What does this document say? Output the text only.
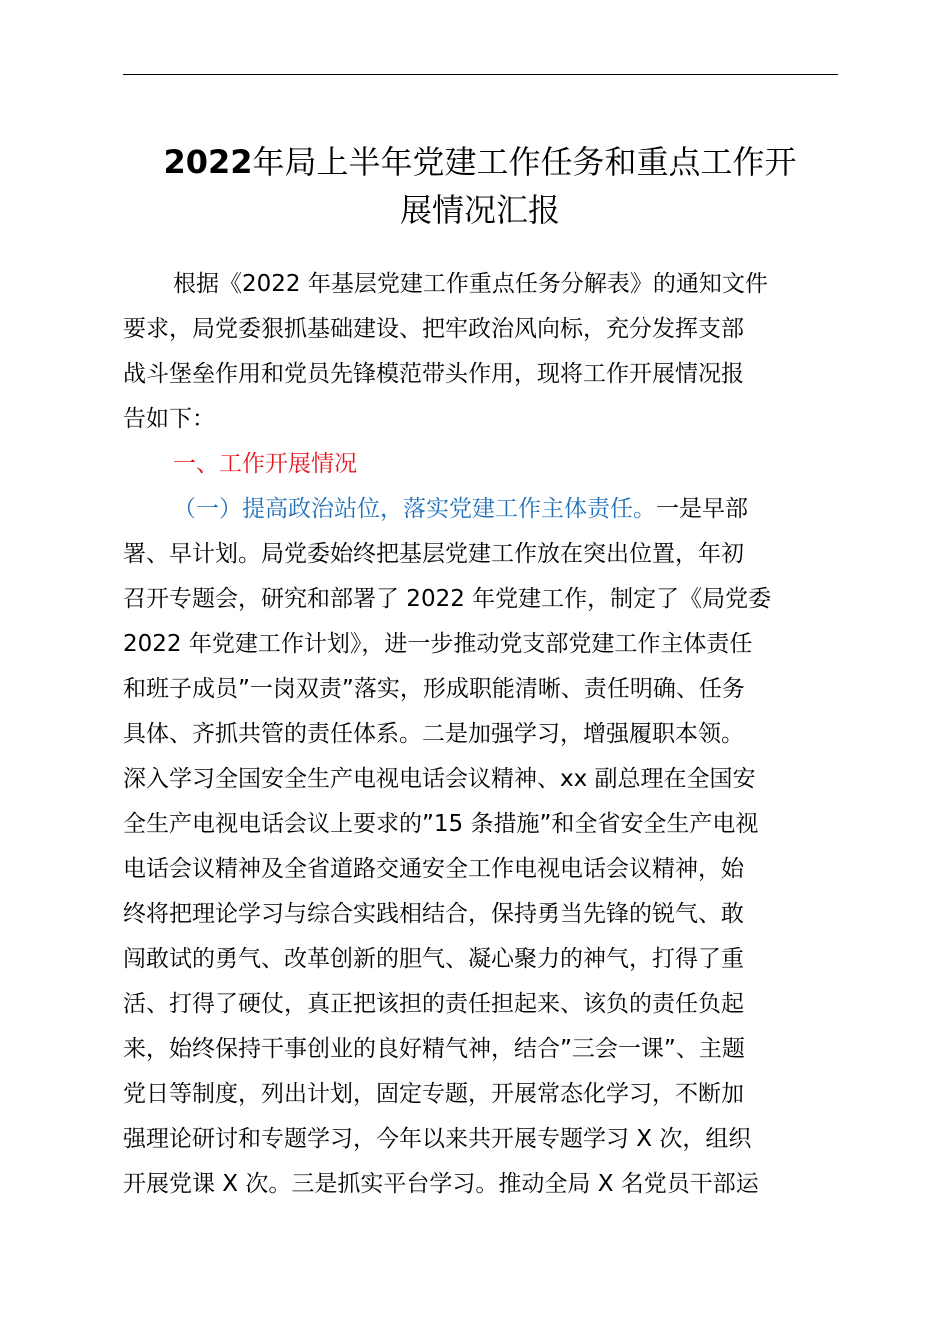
2022年局上半年党建工作任务和重点工作开
展情况汇报
根据《2022 年基层党建工作重点任务分解表》的通知文件
要求，局党委狠抓基础建设、把牢政治风向标，充分发挥支部
战斗堡垒作用和党员先锋模范带头作用，现将工作开展情况报
告如下：
一、工作开展情况
（一）提高政治站位，落实党建工作主体责任。一是早部
署、早计划。局党委始终把基层党建工作放在突出位置，年初
召开专题会，研究和部署了 2022 年党建工作，制定了《局党委
2022 年党建工作计划》，进一步推动党支部党建工作主体责任
和班子成员”一岗双责”落实，形成职能清晰、责任明确、任务
具体、齐抓共管的责任体系。二是加强学习，增强履职本领。
深入学习全国安全生产电视电话会议精神、xx 副总理在全国安
全生产电视电话会议上要求的”15 条措施”和全省安全生产电视
电话会议精神及全省道路交通安全工作电视电话会议精神，始
终将把理论学习与综合实践相结合，保持勇当先锋的锐气、敢
闯敢试的勇气、改革创新的胆气、凝心聚力的神气，打得了重
活、打得了硬仗，真正把该担的责任担起来、该负的责任负起
来，始终保持干事创业的良好精气神，结合”三会一课”、主题
党日等制度，列出计划，固定专题，开展常态化学习，不断加
强理论研讨和专题学习，今年以来共开展专题学习 X 次，组织
开展党课 X 次。三是抓实平台学习。推动全局 X 名党员干部运
